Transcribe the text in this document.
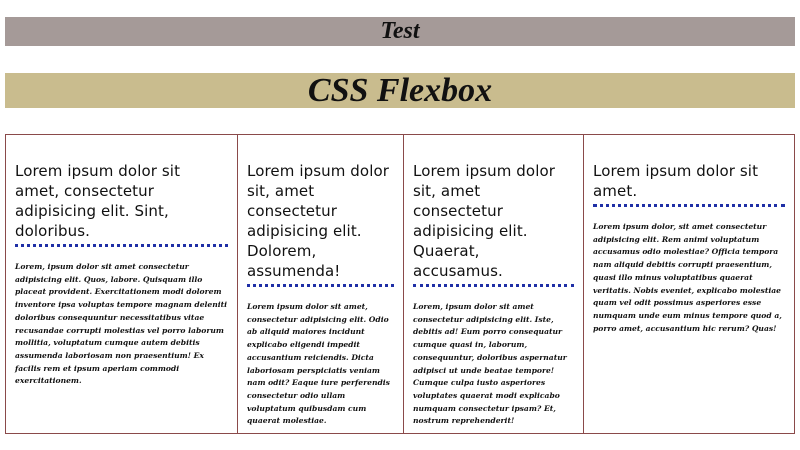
Test
CSS Flexbox
Lorem ipsum dolor sit amet, consectetur adipisicing elit. Sint, doloribus.

Lorem, ipsum dolor sit amet consectetur adipisicing elit. Quos, labore. Quisquam illo placeat provident. Exercitationem modi dolorem inventore ipsa voluptas tempore magnam deleniti doloribus consequuntur necessitatibus vitae recusandae corrupti molestias vel porro laborum mollitia, voluptatum cumque autem debitis assumenda laboriosam non praesentium! Ex facilis rem et ipsum aperiam commodi exercitationem.

Lorem ipsum dolor sit, amet consectetur adipisicing elit. Dolorem, assumenda!

Lorem ipsum dolor sit amet, consectetur adipisicing elit. Odio ab aliquid maiores incidunt explicabo eligendi impedit accusantium reiciendis. Dicta laboriosam perspiciatis veniam nam odit? Eaque iure perferendis consectetur odio ullam voluptatum quibusdam cum quaerat molestiae.

Lorem ipsum dolor sit, amet consectetur adipisicing elit. Quaerat, accusamus.

Lorem, ipsum dolor sit amet consectetur adipisicing elit. Iste, debitis ad! Eum porro consequatur cumque quasi in, laborum, consequuntur, doloribus aspernatur adipisci ut unde beatae tempore! Cumque culpa iusto asperiores voluptates quaerat modi explicabo numquam consectetur ipsam? Et, nostrum reprehenderit!

Lorem ipsum dolor sit amet.

Lorem ipsum dolor, sit amet consectetur adipisicing elit. Rem animi voluptatum accusamus odio molestiae? Officia tempora nam aliquid debitis corrupti praesentium, quasi illo minus voluptatibus quaerat veritatis. Nobis eveniet, explicabo molestiae quam vel odit possimus asperiores esse numquam unde eum minus tempore quod a, porro amet, accusantium hic rerum? Quas!
